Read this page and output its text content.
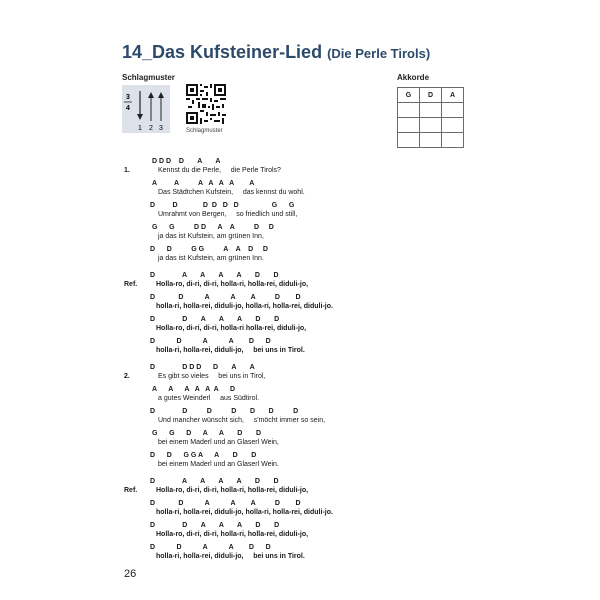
14_Das Kufsteiner-Lied (Die Perle Tirols)
Schlagmuster
3
4
1 2 3	Schlagmuster
Akkorde
G	D	A

1.
D D D    D       A       A
Kennst du die Perle,     die Perle Tirols?
A         A          A   A   A   A        A
Das Städtchen Kufstein,     das kennst du wohl.
D         D             D  D   D   D                 G      G
Umrahmt von Bergen,     so friedlich und still,
G      G          D D      A    A          D     D
ja das ist Kufstein, am grünen Inn,
D      D          G G          A    A    D     D
ja das ist Kufstein, am grünen Inn.
Ref.
D              A       A       A       A       D       D
Holla-ro, di-ri, di-ri, holla-ri, holla-rei, diduli-jo,
D            D           A           A        A          D        D
holla-ri, holla-rei, diduli-jo, holla-ri, holla-rei, diduli-jo.
D              D       A       A       A       D       D
Holla-ro, di-ri, di-ri, holla-ri holla-rei, diduli-jo,
D           D           A           A        D      D
holla-ri, holla-rei, diduli-jo,     bei uns in Tirol.
2.
D              D D D      D       A       A
Es gibt so vieles     bei uns in Tirol,
A      A      A   A   A  A      D
a gutes Weinderl     aus Südtirol.
D              D          D          D       D       D          D
Und mancher wünscht sich,     s'möcht immer so sein,
G      G      D      A      A       D       D
bei einem Maderl und an Glaserl Wein,
D      D      G G A      A       D       D
bei einem Maderl und an Glaserl Wein.
Ref.
D              A       A       A       A       D       D
Holla-ro, di-ri, di-ri, holla-ri, holla-rei, diduli-jo,
D            D           A           A        A          D        D
holla-ri, holla-rei, diduli-jo, holla-ri, holla-rei, diduli-jo.
D              D       A       A       A       D       D
Holla-ro, di-ri, di-ri, holla-ri, holla-rei, diduli-jo,
D           D           A           A        D      D
holla-ri, holla-rei, diduli-jo,     bei uns in Tirol.
26
